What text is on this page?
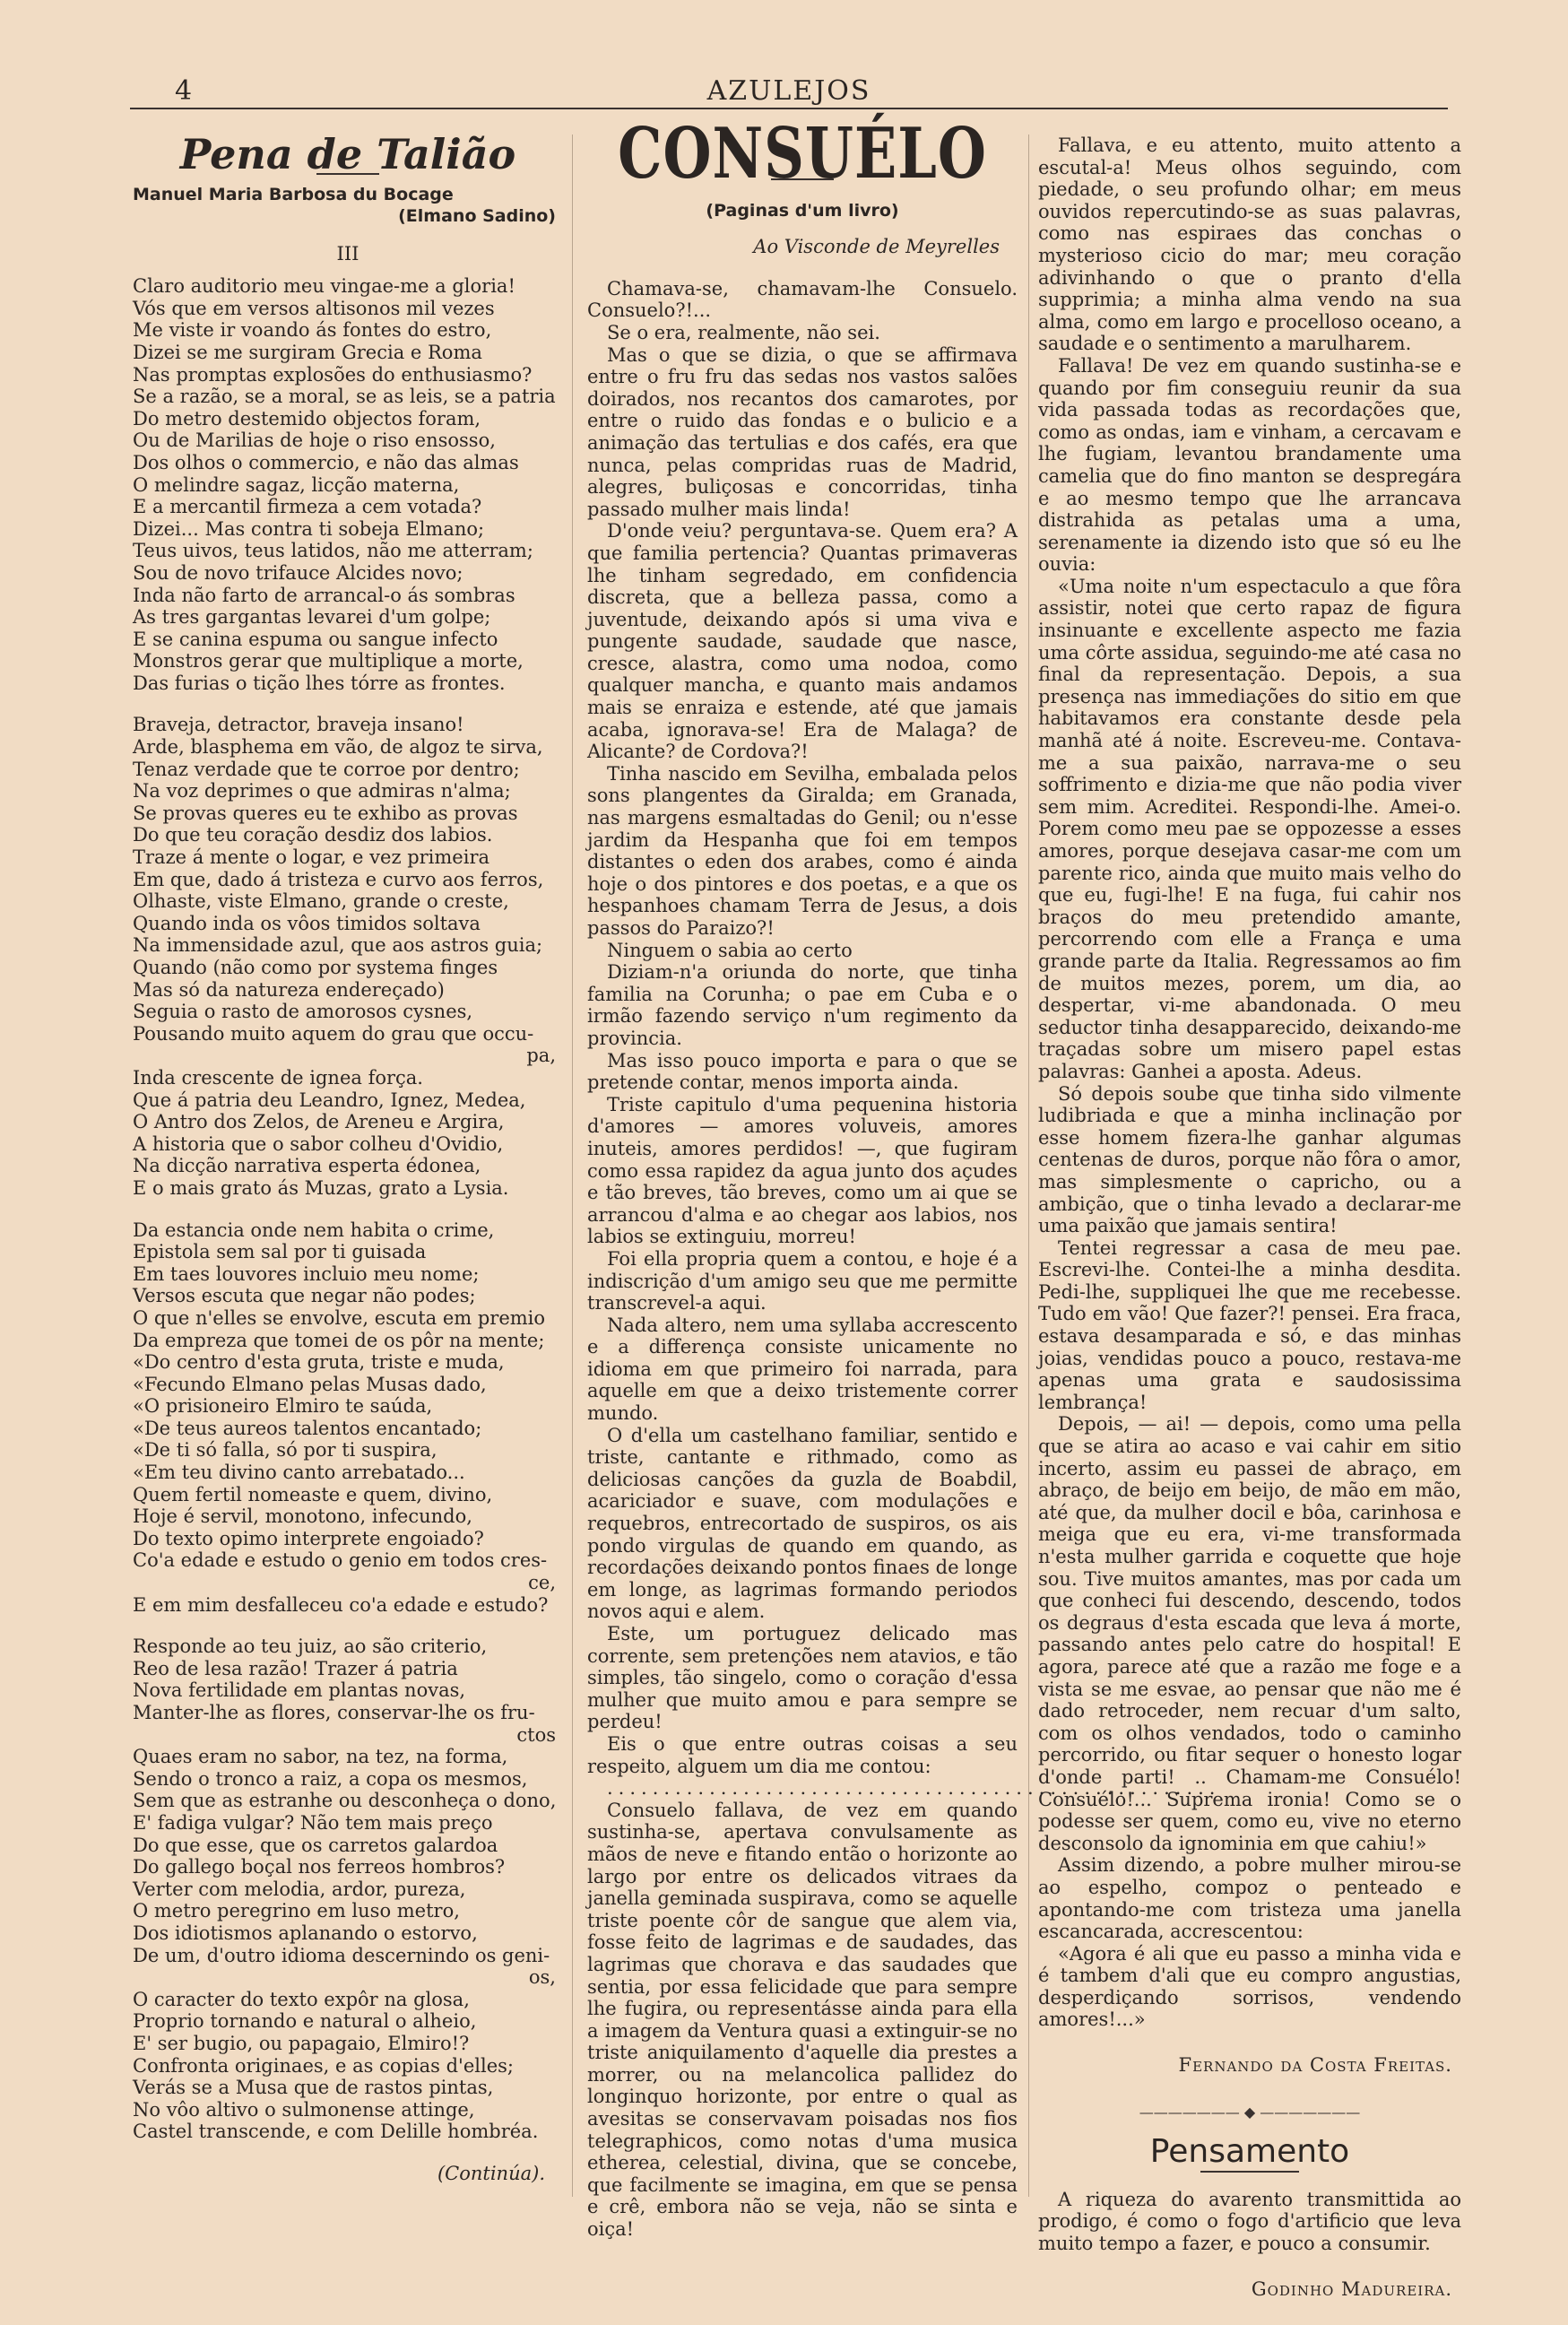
4	AZULEJOS
Pena de Talião
Manuel Maria Barbosa du Bocage
(Elmano Sadino)
III
Claro auditorio meu vingae-me a gloria!
Vós que em versos altisonos mil vezes
Me viste ir voando ás fontes do estro,
Dizei se me surgiram Grecia e Roma
Nas promptas explosões do enthusiasmo?
Se a razão, se a moral, se as leis, se a patria
Do metro destemido objectos foram,
Ou de Marilias de hoje o riso ensosso,
Dos olhos o commercio, e não das almas
O melindre sagaz, licção materna,
E a mercantil firmeza a cem votada?
Dizei... Mas contra ti sobeja Elmano;
Teus uivos, teus latidos, não me atterram;
Sou de novo trifauce Alcides novo;
Inda não farto de arrancal-o ás sombras
As tres gargantas levarei d'um golpe;
E se canina espuma ou sangue infecto
Monstros gerar que multiplique a morte,
Das furias o tição lhes tórre as frontes.
Braveja, detractor, braveja insano!
Arde, blasphema em vão, de algoz te sirva,
Tenaz verdade que te corroe por dentro;
Na voz deprimes o que admiras n'alma;
Se provas queres eu te exhibo as provas
Do que teu coração desdiz dos labios.
Traze á mente o logar, e vez primeira
Em que, dado á tristeza e curvo aos ferros,
Olhaste, viste Elmano, grande o creste,
Quando inda os vôos timidos soltava
Na immensidade azul, que aos astros guia;
Quando (não como por systema finges
Mas só da natureza endereçado)
Seguia o rasto de amorosos cysnes,
Pousando muito aquem do grau que occu-
pa,
Inda crescente de ignea força.
Que á patria deu Leandro, Ignez, Medea,
O Antro dos Zelos, de Areneu e Argira,
A historia que o sabor colheu d'Ovidio,
Na dicção narrativa esperta édonea,
E o mais grato ás Muzas, grato a Lysia.
Da estancia onde nem habita o crime,
Epistola sem sal por ti guisada
Em taes louvores incluio meu nome;
Versos escuta que negar não podes;
O que n'elles se envolve, escuta em premio
Da empreza que tomei de os pôr na mente;
«Do centro d'esta gruta, triste e muda,
«Fecundo Elmano pelas Musas dado,
«O prisioneiro Elmiro te saúda,
«De teus aureos talentos encantado;
«De ti só falla, só por ti suspira,
«Em teu divino canto arrebatado...
Quem fertil nomeaste e quem, divino,
Hoje é servil, monotono, infecundo,
Do texto opimo interprete engoiado?
Co'a edade e estudo o genio em todos cres-
ce,
E em mim desfalleceu co'a edade e estudo?
Responde ao teu juiz, ao são criterio,
Reo de lesa razão! Trazer á patria
Nova fertilidade em plantas novas,
Manter-lhe as flores, conservar-lhe os fru-
ctos
Quaes eram no sabor, na tez, na forma,
Sendo o tronco a raiz, a copa os mesmos,
Sem que as estranhe ou desconheça o dono,
E' fadiga vulgar? Não tem mais preço
Do que esse, que os carretos galardoa
Do gallego boçal nos ferreos hombros?
Verter com melodia, ardor, pureza,
O metro peregrino em luso metro,
Dos idiotismos aplanando o estorvo,
De um, d'outro idioma descernindo os geni-
os,
O caracter do texto expôr na glosa,
Proprio tornando e natural o alheio,
E' ser bugio, ou papagaio, Elmiro!?
Confronta originaes, e as copias d'elles;
Verás se a Musa que de rastos pintas,
No vôo altivo o sulmonense attinge,
Castel transcende, e com Delille hombréa.
(Continúa).
CONSUÉLO
(Paginas d'um livro)
Ao Visconde de Meyrelles

Chamava-se, chamavam-lhe Consuelo. Consuelo?!...

Se o era, realmente, não sei.

Mas o que se dizia, o que se affirmava entre o fru fru das sedas nos vastos salões doirados, nos recantos dos camarotes, por entre o ruido das fondas e o bulicio e a animação das tertulias e dos cafés, era que nunca, pelas compridas ruas de Madrid, alegres, buliçosas e concorridas, tinha passado mulher mais linda!

D'onde veiu? perguntava-se. Quem era? A que familia pertencia? Quantas primaveras lhe tinham segredado, em confidencia discreta, que a belleza passa, como a juventude, deixando após si uma viva e pungente saudade, saudade que nasce, cresce, alastra, como uma nodoa, como qualquer mancha, e quanto mais andamos mais se enraiza e estende, até que jamais acaba, ignorava-se! Era de Malaga? de Alicante? de Cordova?!

Tinha nascido em Sevilha, embalada pelos sons plangentes da Giralda; em Granada, nas margens esmaltadas do Genil; ou n'esse jardim da Hespanha que foi em tempos distantes o eden dos arabes, como é ainda hoje o dos pintores e dos poetas, e a que os hespanhoes chamam Terra de Jesus, a dois passos do Paraizo?!

Ninguem o sabia ao certo

Diziam-n'a oriunda do norte, que tinha familia na Corunha; o pae em Cuba e o irmão fazendo serviço n'um regimento da provincia.

Mas isso pouco importa e para o que se pretende contar, menos importa ainda.

Triste capitulo d'uma pequenina historia d'amores — amores voluveis, amores inuteis, amores perdidos! —, que fugiram como essa rapidez da agua junto dos açudes e tão breves, tão breves, como um ai que se arrancou d'alma e ao chegar aos labios, nos labios se extinguiu, morreu!

Foi ella propria quem a contou, e hoje é a indiscrição d'um amigo seu que me permitte transcrevel-a aqui.

Nada altero, nem uma syllaba accrescento e a differença consiste unicamente no idioma em que primeiro foi narrada, para aquelle em que a deixo tristemente correr mundo.

O d'ella um castelhano familiar, sentido e triste, cantante e rithmado, como as deliciosas canções da guzla de Boabdil, acariciador e suave, com modulações e requebros, entrecortado de suspiros, os ais pondo virgulas de quando em quando, as recordações deixando pontos finaes de longe em longe, as lagrimas formando periodos novos aqui e alem.

Este, um portuguez delicado mas corrente, sem pretenções nem atavios, e tão simples, tão singelo, como o coração d'essa mulher que muito amou e para sempre se perdeu!

Eis o que entre outras coisas a seu respeito, alguem um dia me contou:

......................................................

Consuelo fallava, de vez em quando sustinha-se, apertava convulsamente as mãos de neve e fitando então o horizonte ao largo por entre os delicados vitraes da janella geminada suspirava, como se aquelle triste poente côr de sangue que alem via, fosse feito de lagrimas e de saudades, das lagrimas que chorava e das saudades que sentia, por essa felicidade que para sempre lhe fugira, ou representásse ainda para ella a imagem da Ventura quasi a extinguir-se no triste aniquilamento d'aquelle dia prestes a morrer, ou na melancolica pallidez do longinquo horizonte, por entre o qual as avesitas se conservavam poisadas nos fios telegraphicos, como notas d'uma musica etherea, celestial, divina, que se concebe, que facilmente se imagina, em que se pensa e crê, embora não se veja, não se sinta e oiça!

Fallava, e eu attento, muito attento a escutal-a! Meus olhos seguindo, com piedade, o seu profundo olhar; em meus ouvidos repercutindo-se as suas palavras, como nas espiraes das conchas o mysterioso cicio do mar; meu coração adivinhando o que o pranto d'ella supprimia; a minha alma vendo na sua alma, como em largo e procelloso oceano, a saudade e o sentimento a marulharem.

Fallava! De vez em quando sustinha-se e quando por fim conseguiu reunir da sua vida passada todas as recordações que, como as ondas, iam e vinham, a cercavam e lhe fugiam, levantou brandamente uma camelia que do fino manton se despregára e ao mesmo tempo que lhe arrancava distrahida as petalas uma a uma, serenamente ia dizendo isto que só eu lhe ouvia:

«Uma noite n'um espectaculo a que fôra assistir, notei que certo rapaz de figura insinuante e excellente aspecto me fazia uma côrte assidua, seguindo-me até casa no final da representação. Depois, a sua presença nas immediações do sitio em que habitavamos era constante desde pela manhã até á noite. Escreveu-me. Contava-me a sua paixão, narrava-me o seu soffrimento e dizia-me que não podia viver sem mim. Acreditei. Respondi-lhe. Amei-o. Porem como meu pae se oppozesse a esses amores, porque desejava casar-me com um parente rico, ainda que muito mais velho do que eu, fugi-lhe! E na fuga, fui cahir nos braços do meu pretendido amante, percorrendo com elle a França e uma grande parte da Italia. Regressamos ao fim de muitos mezes, porem, um dia, ao despertar, vi-me abandonada. O meu seductor tinha desapparecido, deixando-me traçadas sobre um misero papel estas palavras: Ganhei a aposta. Adeus.

Só depois soube que tinha sido vilmente ludibriada e que a minha inclinação por esse homem fizera-lhe ganhar algumas centenas de duros, porque não fôra o amor, mas simplesmente o capricho, ou a ambição, que o tinha levado a declarar-me uma paixão que jamais sentira!

Tentei regressar a casa de meu pae. Escrevi-lhe. Contei-lhe a minha desdita. Pedi-lhe, suppliquei lhe que me recebesse. Tudo em vão! Que fazer?! pensei. Era fraca, estava desamparada e só, e das minhas joias, vendidas pouco a pouco, restava-me apenas uma grata e saudosissima lembrança!

Depois, — ai! — depois, como uma pella que se atira ao acaso e vai cahir em sitio incerto, assim eu passei de abraço, em abraço, de beijo em beijo, de mão em mão, até que, da mulher docil e bôa, carinhosa e meiga que eu era, vi-me transformada n'esta mulher garrida e coquette que hoje sou. Tive muitos amantes, mas por cada um que conheci fui descendo, descendo, todos os degraus d'esta escada que leva á morte, passando antes pelo catre do hospital! E agora, parece até que a razão me foge e a vista se me esvae, ao pensar que não me é dado retroceder, nem recuar d'um salto, com os olhos vendados, todo o caminho percorrido, ou fitar sequer o honesto logar d'onde parti! .. Chamam-me Consuélo! Consuélo!... Suprema ironia! Como se o podesse ser quem, como eu, vive no eterno desconsolo da ignominia em que cahiu!»

Assim dizendo, a pobre mulher mirou-se ao espelho, compoz o penteado e apontando-me com tristeza uma janella escancarada, accrescentou:

«Agora é ali que eu passo a minha vida e é tambem d'ali que eu compro angustias, desperdiçando sorrisos, vendendo amores!...»

Fernando da Costa Freitas.
——————— ◆ ———————
Pensamento

A riqueza do avarento transmittida ao prodigo, é como o fogo d'artificio que leva muito tempo a fazer, e pouco a consumir.

Godinho Madureira.
